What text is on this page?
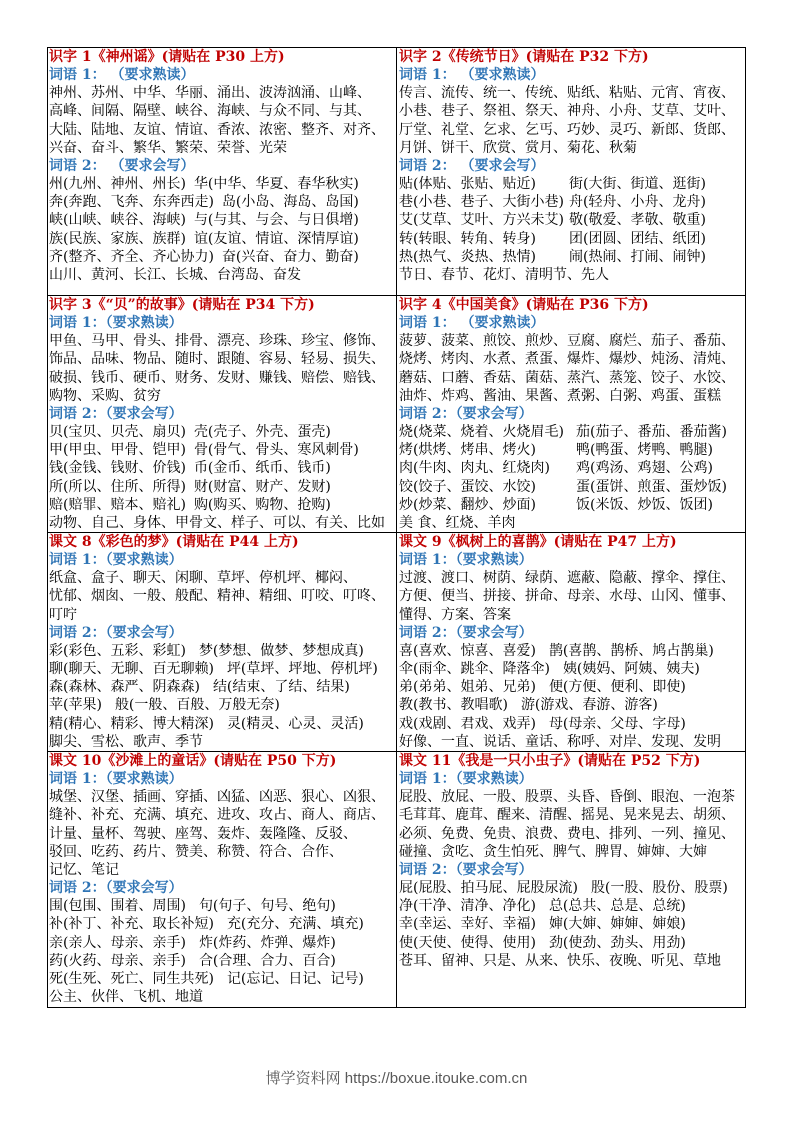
识字 1《神州谣》(请贴在 P30 上方)
词语 1： （要求熟读）
神州、苏州、中华、华丽、涌出、波涛汹涌、山峰、
高峰、间隔、隔壁、峡谷、海峡、与众不同、与其、
大陆、陆地、友谊、情谊、香浓、浓密、整齐、对齐、
兴奋、奋斗、繁华、繁荣、荣誉、光荣
词语 2： （要求会写）
州(九州、神州、州长) 华(中华、华夏、春华秋实)
奔(奔跑、飞奔、东奔西走) 岛(小岛、海岛、岛国)
峡(山峡、峡谷、海峡) 与(与其、与会、与日俱增)
族(民族、家族、族群) 谊(友谊、情谊、深情厚谊)
齐(整齐、齐全、齐心协力) 奋(兴奋、奋力、勤奋)
山川、黄河、长江、长城、台湾岛、奋发
识字 2《传统节日》(请贴在 P32 下方)
词语 1： （要求熟读）
传言、流传、统一、传统、贴纸、粘贴、元宵、宵夜、
小巷、巷子、祭祖、祭天、神舟、小舟、艾草、艾叶、
厅堂、礼堂、乞求、乞丐、巧妙、灵巧、新郎、货郎、
月饼、饼干、欣赏、赏月、菊花、秋菊
词语 2： （要求会写）
贴(体贴、张贴、贴近) 街(大街、街道、逛街)
巷(小巷、巷子、大街小巷) 舟(轻舟、小舟、龙舟)
艾(艾草、艾叶、方兴未艾) 敬(敬爱、孝敬、敬重)
转(转眼、转角、转身) 团(团圆、团结、纸团)
热(热气、炎热、热情) 闹(热闹、打闹、闹钟)
节日、春节、花灯、清明节、先人
识字 3《“贝”的故事》(请贴在 P34 下方)
词语 1：（要求熟读）
甲鱼、马甲、骨头、排骨、漂亮、珍珠、珍宝、修饰、
饰品、品味、物品、随时、跟随、容易、轻易、损失、
破损、钱币、硬币、财务、发财、赚钱、赔偿、赔钱、
购物、采购、贫穷
词语 2：（要求会写）
贝(宝贝、贝壳、扇贝) 壳(壳子、外壳、蛋壳)
甲(甲虫、甲骨、铠甲) 骨(骨气、骨头、寒风刺骨)
钱(金钱、钱财、价钱) 币(金币、纸币、钱币)
所(所以、住所、所得) 财(财富、财产、发财)
赔(赔罪、赔本、赔礼) 购(购买、购物、抢购)
动物、自己、身体、甲骨文、样子、可以、有关、比如
识字 4《中国美食》(请贴在 P36 下方)
词语 1： （要求熟读）
菠萝、菠菜、煎饺、煎炒、豆腐、腐烂、茄子、番茄、
烧烤、烤肉、水煮、煮蛋、爆炸、爆炒、炖汤、清炖、
蘑菇、口蘑、香菇、菌菇、蒸汽、蒸笼、饺子、水饺、
油炸、炸鸡、酱油、果酱、煮粥、白粥、鸡蛋、蛋糕
词语 2：（要求会写）
烧(烧菜、烧着、火烧眉毛) 茄(茄子、番茄、番茄酱)
烤(烘烤、烤串、烤火)	鸭(鸭蛋、烤鸭、鸭腿)
肉(牛肉、肉丸、红烧肉) 鸡(鸡汤、鸡翅、公鸡)
饺(饺子、蛋饺、水饺)	蛋(蛋饼、煎蛋、蛋炒饭)
炒(炒菜、翻炒、炒面)	饭(米饭、炒饭、饭团)
美 食、红烧、羊肉
课文 8《彩色的梦》(请贴在 P44 上方)
词语 1：（要求熟读）
纸盒、盒子、聊天、闲聊、草坪、停机坪、椰闷、
忧郁、烟囱、一般、般配、精神、精细、叮咬、叮咚、
叮咛
词语 2：（要求会写）
彩(彩色、五彩、彩虹) 梦(梦想、做梦、梦想成真)
聊(聊天、无聊、百无聊赖) 坪(草坪、坪地、停机坪)
森(森林、森严、阴森森) 结(结束、了结、结果)
苹(苹果) 般(一般、百般、万般无奈)
精(精心、精彩、博大精深) 灵(精灵、心灵、灵活)
脚尖、雪松、歌声、季节
课文 9《枫树上的喜鹊》(请贴在 P47 上方)
词语 1：（要求熟读）
过渡、渡口、树荫、绿荫、遮蔽、隐蔽、撑伞、撑住、
方便、便当、拼接、拼命、母亲、水母、山冈、懂事、
懂得、方案、答案
词语 2：（要求会写）
喜(喜欢、惊喜、喜爱) 鹊(喜鹊、鹊桥、鸠占鹊巢)
伞(雨伞、跳伞、降落伞) 姨(姨妈、阿姨、姨夫)
弟(弟弟、姐弟、兄弟) 便(方便、便利、即使)
教(教书、教唱歌) 游(游戏、春游、游客)
戏(戏剧、君戏、戏弄) 母(母亲、父母、字母)
好像、一直、说话、童话、称呼、对岸、发现、发明
课文 10《沙滩上的童话》(请贴在 P50 下方)
词语 1：（要求熟读）
城堡、汉堡、插画、穿插、凶猛、凶恶、狠心、凶狠、
缝补、补充、充满、填充、进攻、攻占、商人、商店、
计量、量杯、驾驶、座驾、轰炸、轰隆隆、反驳、
驳回、吃药、药片、赞美、称赞、符合、合作、
记忆、笔记
词语 2：（要求会写）
围(包围、围着、周围) 句(句子、句号、绝句)
补(补丁、补充、取长补短) 充(充分、充满、填充)
亲(亲人、母亲、亲手) 炸(炸药、炸弹、爆炸)
药(火药、母亲、亲手) 合(合理、合力、百合)
死(生死、死亡、同生共死) 记(忘记、日记、记号)
公主、伙伴、飞机、地道
课文 11《我是一只小虫子》(请贴在 P52 下方)
词语 1：（要求熟读）
屁股、放屁、一股、股票、头昏、昏倒、眼泡、一泡茶
毛茸茸、鹿茸、醒来、清醒、摇晃、晃来晃去、胡须、
必须、免费、免贵、浪费、费电、排列、一列、撞见、
碰撞、贪吃、贪生怕死、脾气、脾胃、婶婶、大婶
词语 2：（要求会写）
屁(屁股、拍马屁、屁股尿流) 股(一股、股份、股票)
净(干净、清净、净化) 总(总共、总是、总统)
幸(幸运、幸好、幸福) 婶(大婶、婶婶、婶娘)
使(天使、使得、使用) 劲(使劲、劲头、用劲)
苍耳、留神、只是、从来、快乐、夜晚、听见、草地
博学资料网 https://boxue.itouke.com.cn
